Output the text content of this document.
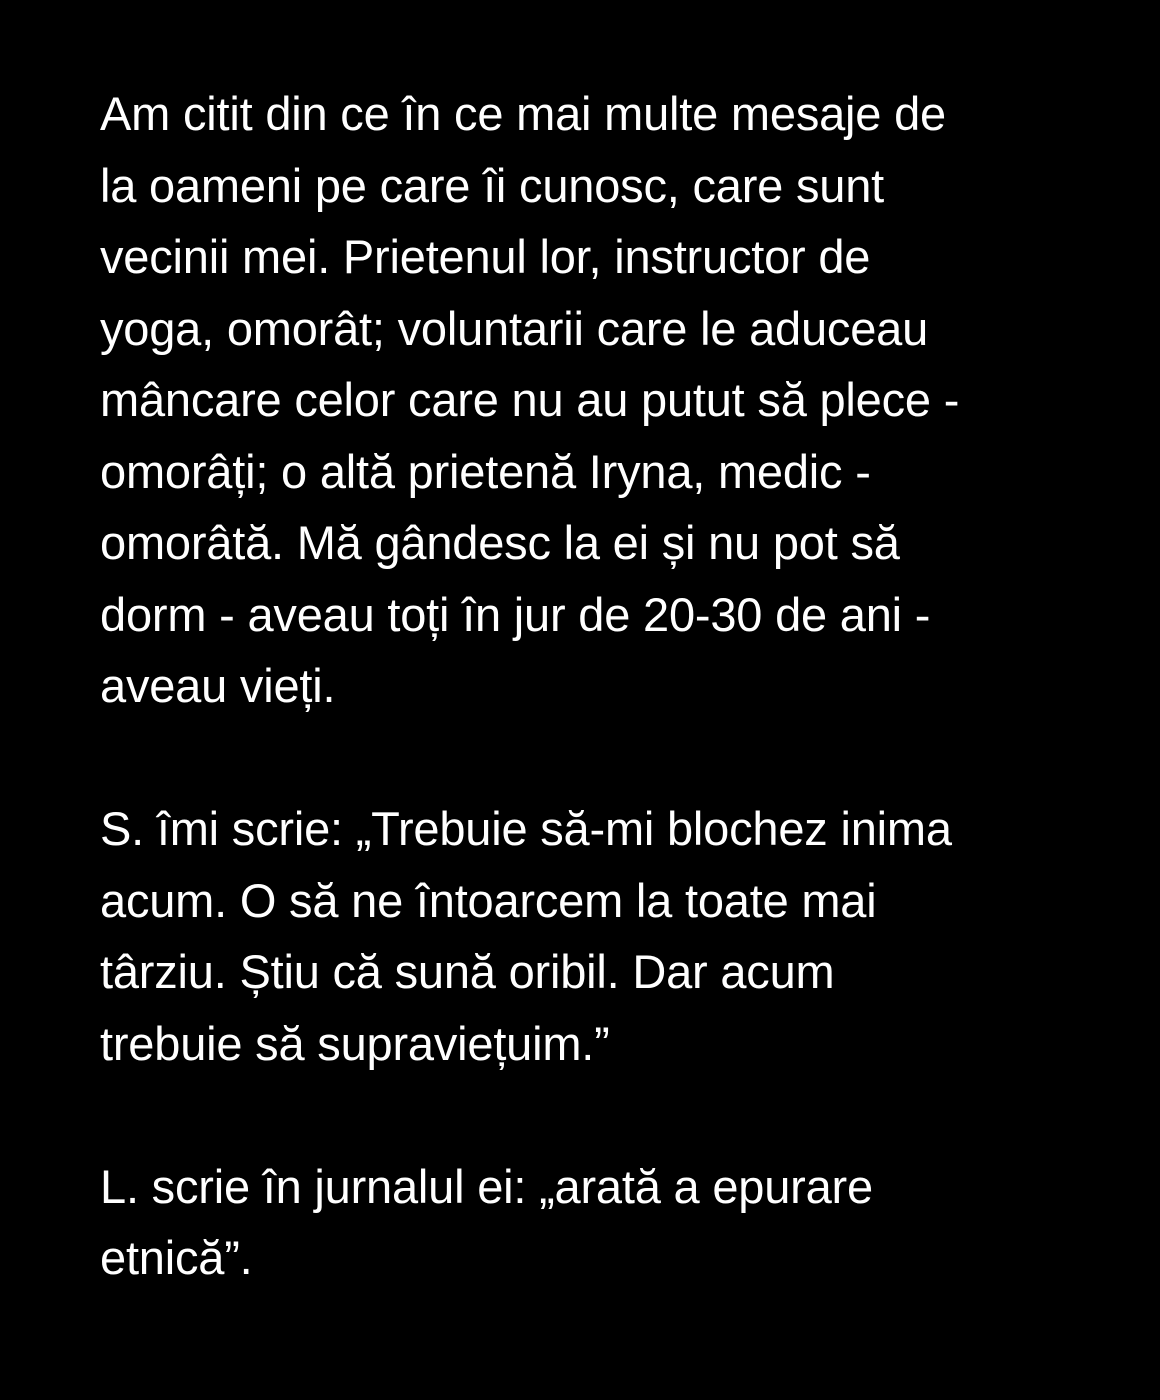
Am citit din ce în ce mai multe mesaje de
la oameni pe care îi cunosc, care sunt
vecinii mei. Prietenul lor, instructor de
yoga, omorât; voluntarii care le aduceau
mâncare celor care nu au putut să plece -
omorâți; o altă prietenă Iryna, medic -
omorâtă. Mă gândesc la ei și nu pot să
dorm - aveau toți în jur de 20-30 de ani -
aveau vieți.

S. îmi scrie: „Trebuie să-mi blochez inima
acum. O să ne întoarcem la toate mai
târziu. Știu că sună oribil. Dar acum
trebuie să supraviețuim.”

L. scrie în jurnalul ei: „arată a epurare
etnică”.
